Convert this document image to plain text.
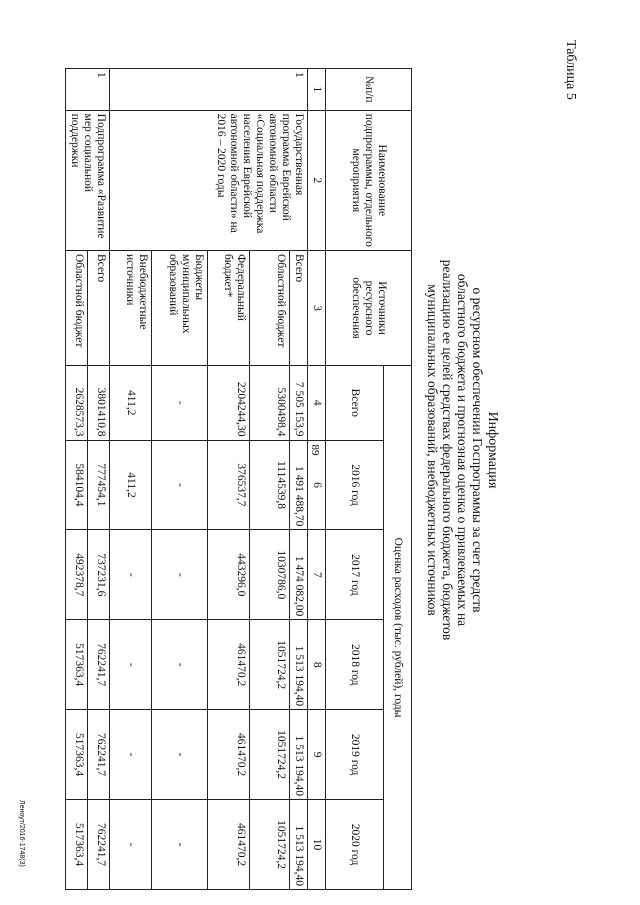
89
Таблица 5
Информация
о ресурсном обеспечении Госпрограммы за счет средств
областного бюджета и прогнозная оценка о привлекаемых на
реализацию ее целей средствах федерального бюджета, бюджетов
муниципальных образований, внебюджетных источников
№п/п	Наименование подпрограммы, отдельного мероприятия	Источники ресурсного обеспечения	Оценка расходов (тыс. рублей), годы					
			Всего	2016 год	2017 год	2018 год	2019 год	2020 год
1	2	3	4	6	7	8	9	10
1	Государственная программа Еврейской автономной области «Социальная поддержка населения Еврейской автономной области» на 2016 – 2020 годы	Всего	7 505 153,9	1 491 488,70	1 474 082,00	1 513 194,40	1 513 194,40	1 513 194,40
		Областной бюджет	5300498,4	1114539,8	1030786,0	1051724,2	1051724,2	1051724,2
		Федеральный бюджет*	2204244,30	376537,7	443296,0	461470,2	461470,2	461470,2
		Бюджеты муниципальных образований	-	-	-	-	-	-
		Внебюджетные источники	411,2	411,2	-	-	-	-
1	Подпрограмма «Развитие мер социальной поддержки	Всего	3801410,8	777454,1	737231,6	762241,7	762241,7	762241,7
		Областной бюджет	2628573,3	584104,4	492378,7	517363,4	517363,4	517363,4
Леноут/2016-1748(3)
